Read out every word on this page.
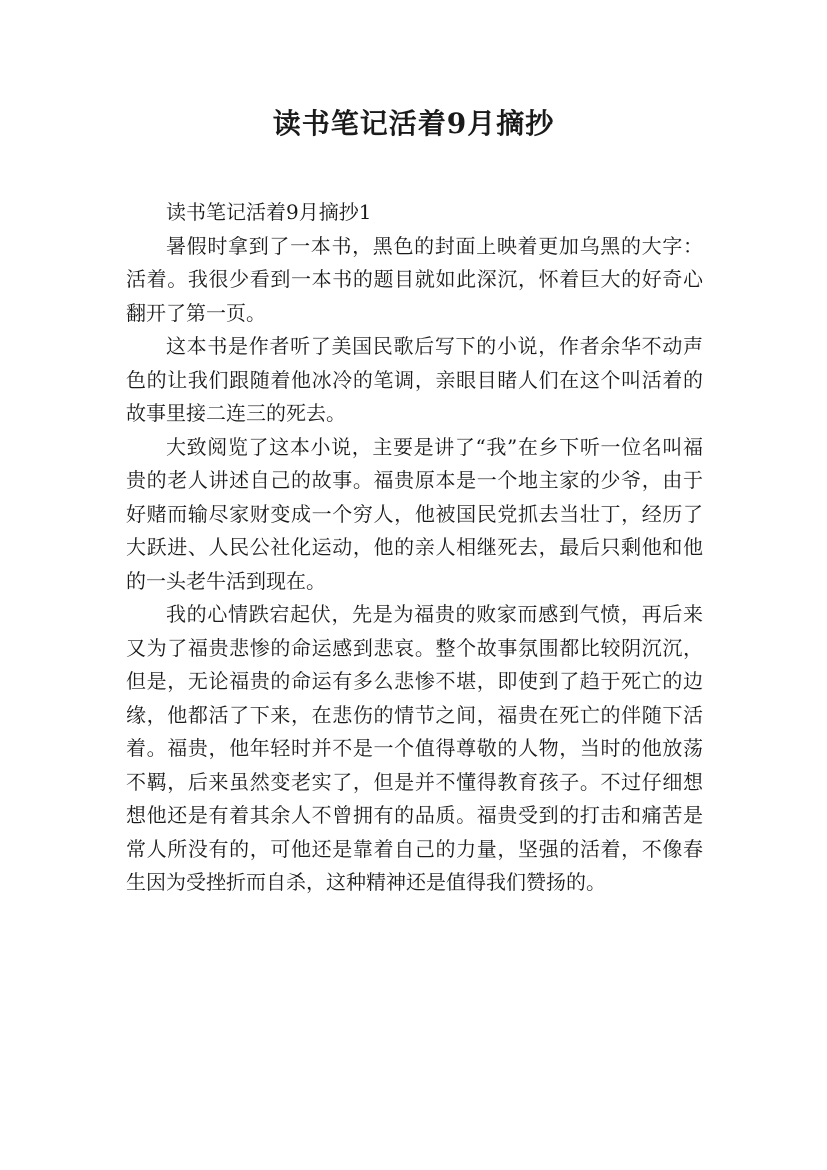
读书笔记活着9月摘抄

读书笔记活着9月摘抄1

暑假时拿到了一本书，黑色的封面上映着更加乌黑的大字：活着。我很少看到一本书的题目就如此深沉，怀着巨大的好奇心翻开了第一页。

这本书是作者听了美国民歌后写下的小说，作者余华不动声色的让我们跟随着他冰冷的笔调，亲眼目睹人们在这个叫活着的故事里接二连三的死去。

大致阅览了这本小说，主要是讲了“我”在乡下听一位名叫福贵的老人讲述自己的故事。福贵原本是一个地主家的少爷，由于好赌而输尽家财变成一个穷人，他被国民党抓去当壮丁，经历了大跃进、人民公社化运动，他的亲人相继死去，最后只剩他和他的一头老牛活到现在。

我的心情跌宕起伏，先是为福贵的败家而感到气愤，再后来又为了福贵悲惨的命运感到悲哀。整个故事氛围都比较阴沉沉，但是，无论福贵的命运有多么悲惨不堪，即使到了趋于死亡的边缘，他都活了下来，在悲伤的情节之间，福贵在死亡的伴随下活着。福贵，他年轻时并不是一个值得尊敬的人物，当时的他放荡不羁，后来虽然变老实了，但是并不懂得教育孩子。不过仔细想想他还是有着其余人不曾拥有的品质。福贵受到的打击和痛苦是常人所没有的，可他还是靠着自己的力量，坚强的活着，不像春生因为受挫折而自杀，这种精神还是值得我们赞扬的。
